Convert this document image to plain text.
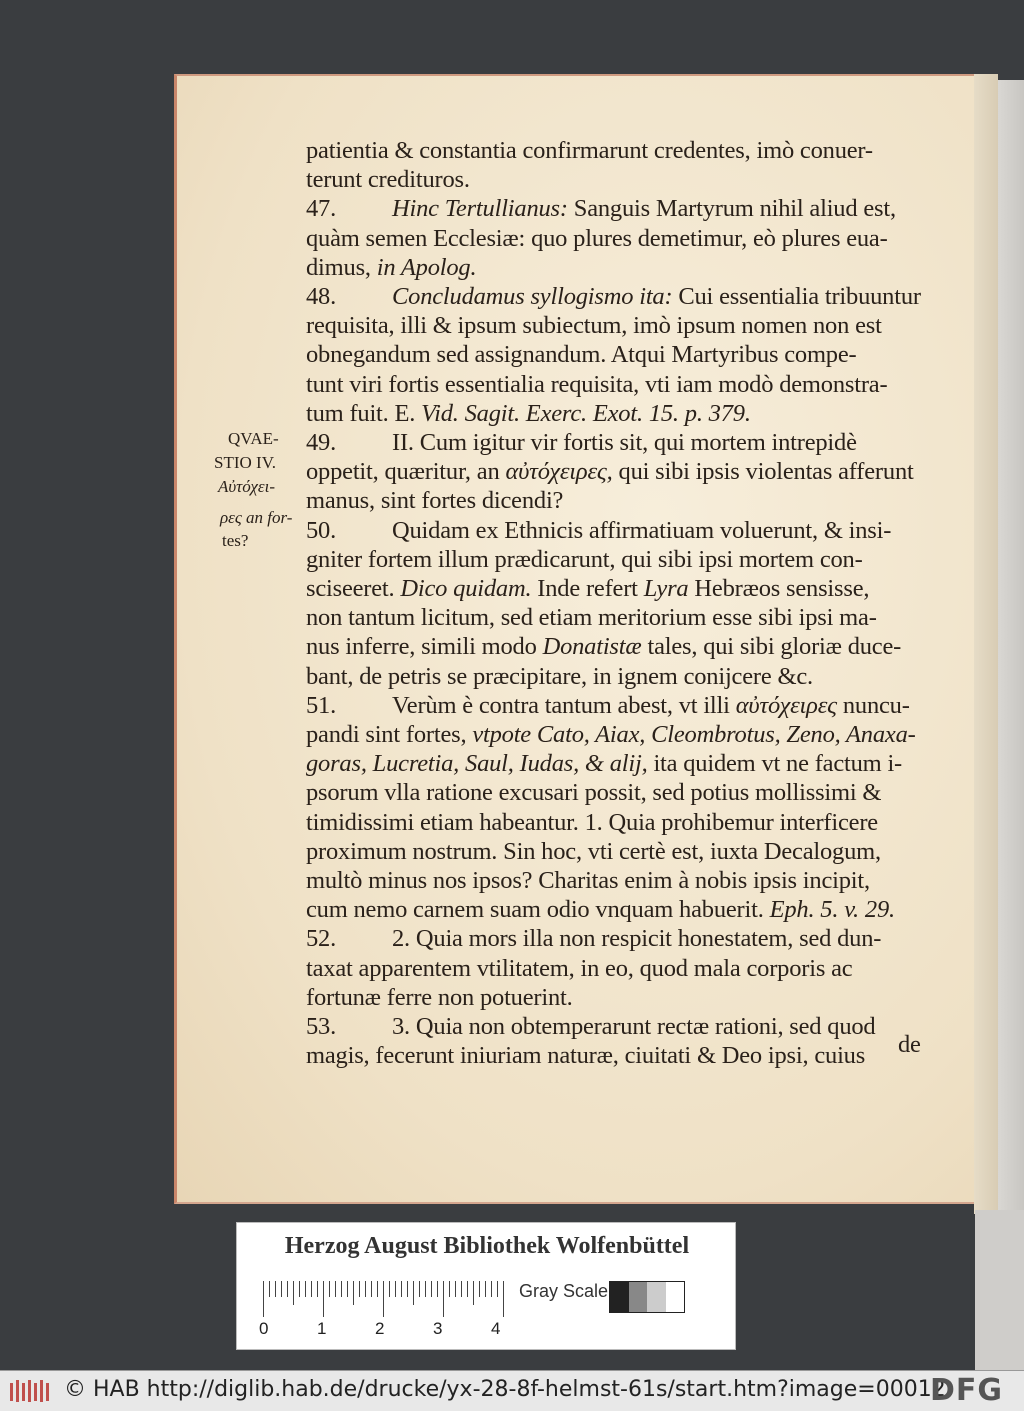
patientia & constantia confirmarunt credentes, imò conuer-
terunt credituros.
47. Hinc Tertullianus: Sanguis Martyrum nihil aliud est,
quàm semen Ecclesiæ: quo plures demetimur, eò plures eua-
dimus, in Apolog.
48. Concludamus syllogismo ita: Cui essentialia tribuuntur
requisita, illi & ipsum subiectum, imò ipsum nomen non est
obnegandum sed assignandum. Atqui Martyribus compe-
tunt viri fortis essentialia requisita, vti iam modò demonstra-
tum fuit. E. Vid. Sagit. Exerc. Exot. 15. p. 379.
49. II. Cum igitur vir fortis sit, qui mortem intrepidè
oppetit, quæritur, an αὐτόχειρες, qui sibi ipsis violentas afferunt
manus, sint fortes dicendi?
50. Quidam ex Ethnicis affirmatiuam voluerunt, & insi-
gniter fortem illum prædicarunt, qui sibi ipsi mortem con-
sciseeret. Dico quidam. Inde refert Lyra Hebræos sensisse,
non tantum licitum, sed etiam meritorium esse sibi ipsi ma-
nus inferre, simili modo Donatistæ tales, qui sibi gloriæ duce-
bant, de petris se præcipitare, in ignem conijcere &c.
51. Verùm è contra tantum abest, vt illi αὐτόχειρες nuncu-
pandi sint fortes, vtpote Cato, Aiax, Cleombrotus, Zeno, Anaxa-
goras, Lucretia, Saul, Iudas, & alij, ita quidem vt ne factum i-
psorum vlla ratione excusari possit, sed potius mollissimi &
timidissimi etiam habeantur. 1. Quia prohibemur interficere
proximum nostrum. Sin hoc, vti certè est, iuxta Decalogum,
multò minus nos ipsos? Charitas enim à nobis ipsis incipit,
cum nemo carnem suam odio vnquam habuerit. Eph. 5. v. 29.
52. 2. Quia mors illa non respicit honestatem, sed dun-
taxat apparentem vtilitatem, in eo, quod mala corporis ac
fortunæ ferre non potuerint.
53. 3. Quia non obtemperarunt rectæ rationi, sed quod
magis, fecerunt iniuriam naturæ, ciuitati & Deo ipsi, cuius	de
QVAE-
STIO IV.
Αὐτόχει-
ρες an for-
tes?
Herzog August Bibliothek Wolfenbüttel
0	1	2	3	4
Gray Scale
© HAB http://diglib.hab.de/drucke/yx-28-8f-helmst-61s/start.htm?image=00012
DFG
